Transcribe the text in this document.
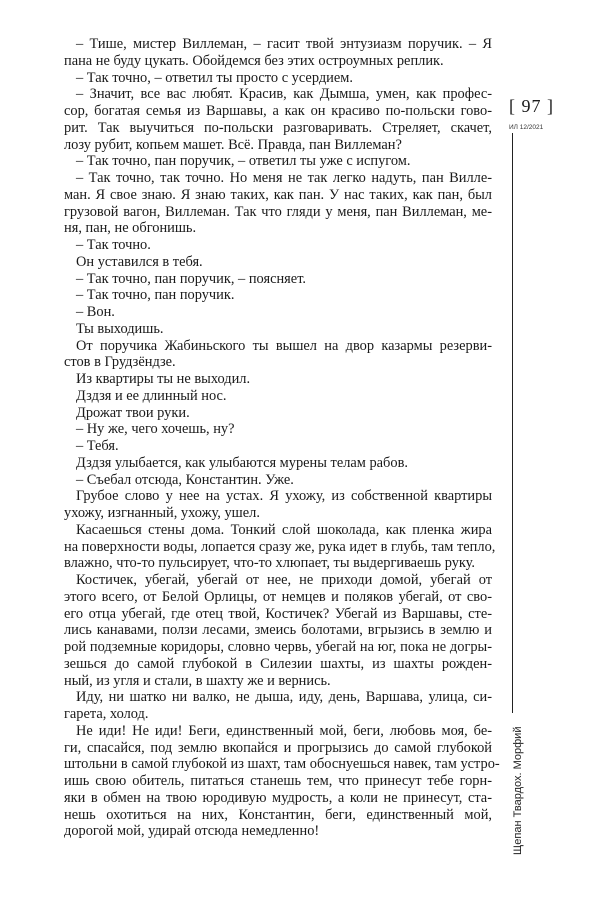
– Тише, мистер Виллеман, – гасит твой энтузиазм поручик. – Я
пана не буду цукать. Обойдемся без этих остроумных реплик.
– Так точно, – ответил ты просто с усердием.
– Значит, все вас любят. Красив, как Дымша, умен, как профес-
сор, богатая семья из Варшавы, а как он красиво по-польски гово-
рит. Так выучиться по-польски разговаривать. Стреляет, скачет,
лозу рубит, копьем машет. Всё. Правда, пан Виллеман?
– Так точно, пан поручик, – ответил ты уже с испугом.
– Так точно, так точно. Но меня не так легко надуть, пан Вилле-
ман. Я свое знаю. Я знаю таких, как пан. У нас таких, как пан, был
грузовой вагон, Виллеман. Так что гляди у меня, пан Виллеман, ме-
ня, пан, не обгонишь.
– Так точно.
Он уставился в тебя.
– Так точно, пан поручик, – поясняет.
– Так точно, пан поручик.
– Вон.
Ты выходишь.
От поручика Жабиньского ты вышел на двор казармы резерви-
стов в Грудзёндзе.
Из квартиры ты не выходил.
Дздзя и ее длинный нос.
Дрожат твои руки.
– Ну же, чего хочешь, ну?
– Тебя.
Дздзя улыбается, как улыбаются мурены телам рабов.
– Съебал отсюда, Константин. Уже.
Грубое слово у нее на устах. Я ухожу, из собственной квартиры
ухожу, изгнанный, ухожу, ушел.
Касаешься стены дома. Тонкий слой шоколада, как пленка жира
на поверхности воды, лопается сразу же, рука идет в глубь, там тепло,
влажно, что-то пульсирует, что-то хлюпает, ты выдергиваешь руку.
Костичек, убегай, убегай от нее, не приходи домой, убегай от
этого всего, от Белой Орлицы, от немцев и поляков убегай, от сво-
его отца убегай, где отец твой, Костичек? Убегай из Варшавы, сте-
лись канавами, ползи лесами, змеись болотами, вгрызись в землю и
рой подземные коридоры, словно червь, убегай на юг, пока не догры-
зешься до самой глубокой в Силезии шахты, из шахты рожден-
ный, из угля и стали, в шахту же и вернись.
Иду, ни шатко ни валко, не дыша, иду, день, Варшава, улица, си-
гарета, холод.
Не иди! Не иди! Беги, единственный мой, беги, любовь моя, бе-
ги, спасайся, под землю вкопайся и прогрызись до самой глубокой
штольни в самой глубокой из шахт, там обоснуешься навек, там устро-
ишь свою обитель, питаться станешь тем, что принесут тебе горн-
яки в обмен на твою юродивую мудрость, а коли не принесут, ста-
нешь охотиться на них, Константин, беги, единственный мой,
дорогой мой, удирай отсюда немедленно!
[ 97 ]
ИЛ 12/2021
Щепан Твардох. Морфий
